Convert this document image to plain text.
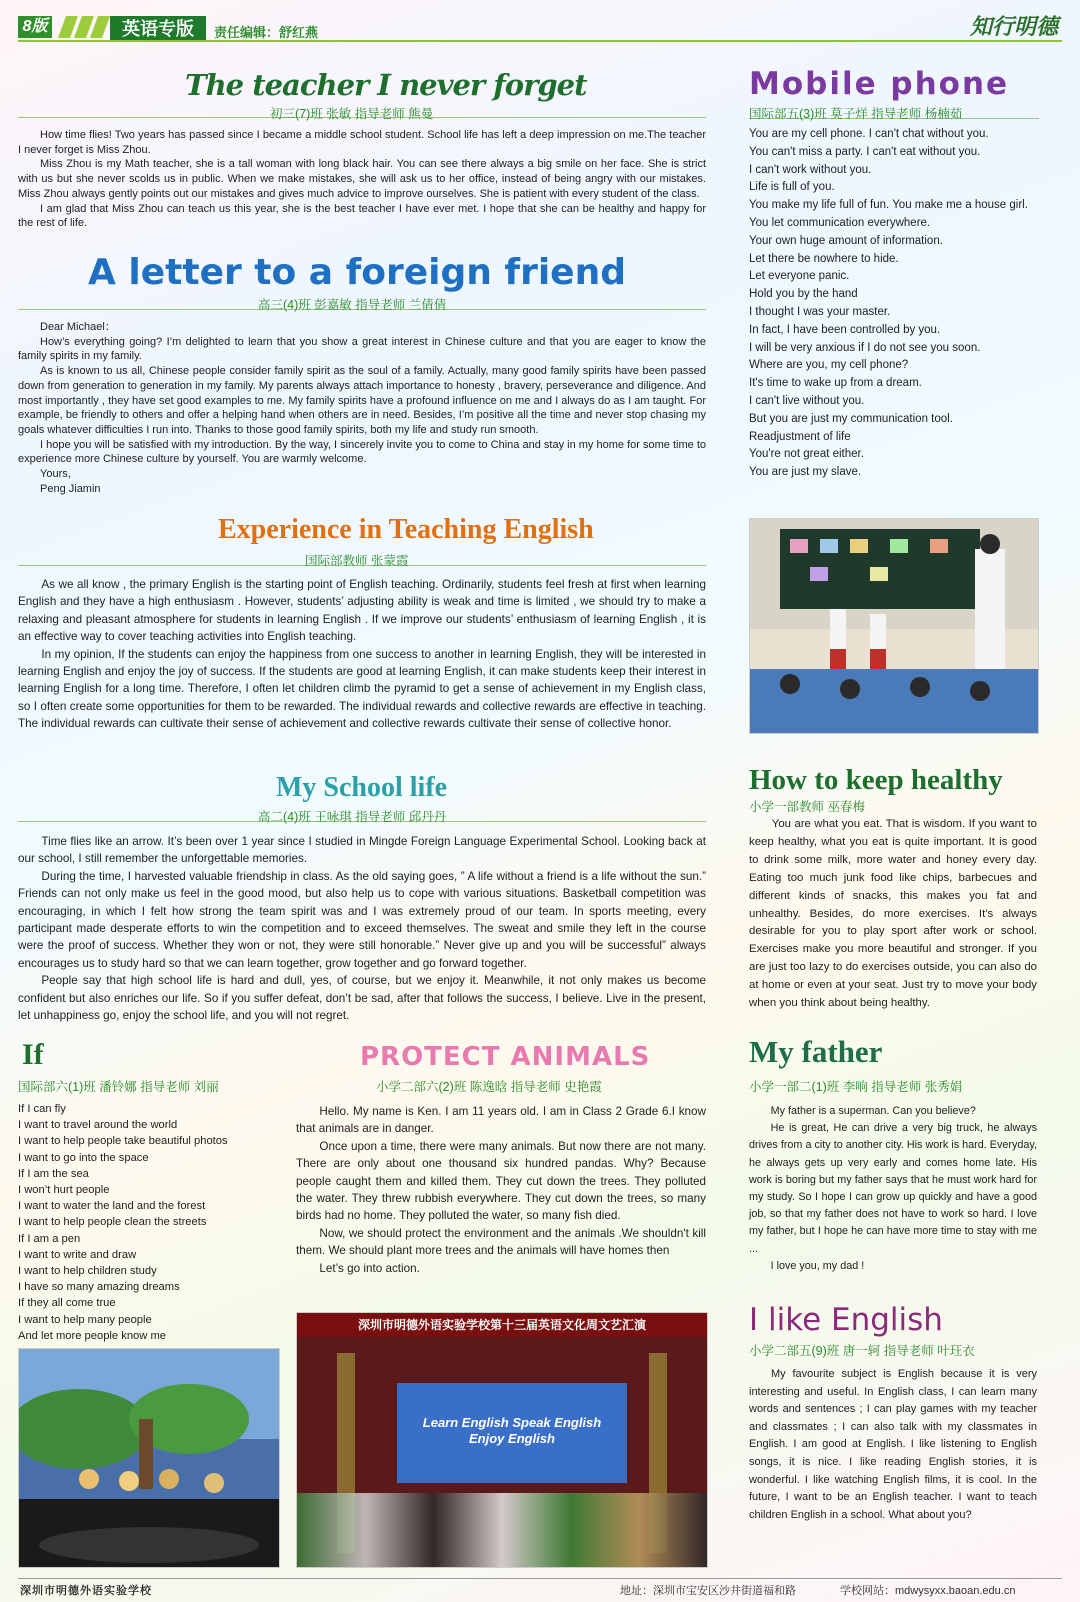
8版	英语专版	责任编辑：舒红燕	知行明德
The teacher I never forget
初三(7)班 张敏 指导老师 熊曼

How time flies! Two years has passed since I became a middle school student. School life has left a deep impression on me.The teacher I never forget is Miss Zhou.

Miss Zhou is my Math teacher, she is a tall woman with long black hair. You can see there always a big smile on her face. She is strict with us but she never scolds us in public. When we make mistakes, she will ask us to her office, instead of being angry with our mistakes. Miss Zhou always gently points out our mistakes and gives much advice to improve ourselves. She is patient with every student of the class.

I am glad that Miss Zhou can teach us this year, she is the best teacher I have ever met. I hope that she can be healthy and happy for the rest of life.

A letter to a foreign friend
高三(4)班 彭嘉敏 指导老师 兰倩倩

Dear Michael：

How’s everything going? I’m delighted to learn that you show a great interest in Chinese culture and that you are eager to know the family spirits in my family.

As is known to us all, Chinese people consider family spirit as the soul of a family. Actually, many good family spirits have been passed down from generation to generation in my family. My parents always attach importance to honesty , bravery, perseverance and diligence. And most importantly , they have set good examples to me. My family spirits have a profound influence on me and I always do as I am taught. For example, be friendly to others and offer a helping hand when others are in need. Besides, I’m positive all the time and never stop chasing my goals whatever difficulties I run into. Thanks to those good family spirits, both my life and study run smooth.

I hope you will be satisfied with my introduction. By the way, I sincerely invite you to come to China and stay in my home for some time to experience more Chinese culture by yourself. You are warmly welcome.

Yours,

Peng Jiamin

Experience in Teaching English
国际部教师 张蒙霞

As we all know , the primary English is the starting point of English teaching. Ordinarily, students feel fresh at first when learning English and they have a high enthusiasm . However, students’ adjusting ability is weak and time is limited , we should try to make a relaxing and pleasant atmosphere for students in learning English . If we improve our students’ enthusiasm of learning English , it is an effective way to cover teaching activities into English teaching.

In my opinion, If the students can enjoy the happiness from one success to another in learning English, they will be interested in learning English and enjoy the joy of success. If the students are good at learning English, it can make students keep their interest in learning English for a long time. Therefore, I often let children climb the pyramid to get a sense of achievement in my English class, so I often create some opportunities for them to be rewarded. The individual rewards and collective rewards are effective in teaching. The individual rewards can cultivate their sense of achievement and collective rewards cultivate their sense of collective honor.

My School life
高二(4)班 王咏琪 指导老师 邱丹丹

Time flies like an arrow. It’s been over 1 year since I studied in Mingde Foreign Language Experimental School. Looking back at our school, I still remember the unforgettable memories.

During the time, I harvested valuable friendship in class. As the old saying goes, ” A life without a friend is a life without the sun.” Friends can not only make us feel in the good mood, but also help us to cope with various situations. Basketball competition was encouraging, in which I felt how strong the team spirit was and I was extremely proud of our team. In sports meeting, every participant made desperate efforts to win the competition and to exceed themselves. The sweat and smile they left in the course were the proof of success. Whether they won or not, they were still honorable.” Never give up and you will be successful” always encourages us to study hard so that we can learn together, grow together and go forward together.

People say that high school life is hard and dull, yes, of course, but we enjoy it. Meanwhile, it not only makes us become confident but also enriches our life. So if you suffer defeat, don’t be sad, after that follows the success, I believe. Live in the present, let unhappiness go, enjoy the school life, and you will not regret.

If
国际部六(1)班 潘铃娜 指导老师 刘丽
If I can fly
I want to travel around the world
I want to help people take beautiful photos
I want to go into the space
If I am the sea
I won’t hurt people
I want to water the land and the forest
I want to help people clean the streets
If I am a pen
I want to write and draw
I want to help children study
I have so many amazing dreams
If they all come true
I want to help many people
And let more people know me
PROTECT ANIMALS
小学二部六(2)班 陈逸晗 指导老师 史艳霞

Hello. My name is Ken. I am 11 years old. I am in Class 2 Grade 6.I know that animals are in danger.

Once upon a time, there were many animals. But now there are not many. There are only about one thousand six hundred pandas. Why? Because people caught them and killed them. They cut down the trees. They polluted the water. They threw rubbish everywhere. They cut down the trees, so many birds had no home. They polluted the water, so many fish died.

Now, we should protect the environment and the animals .We shouldn't kill them. We should plant more trees and the animals will have homes then

Let’s go into action.

深圳市明德外语实验学校第十三届英语文化周文艺汇演
Learn English Speak English
Enjoy English
Mobile phone
国际部五(3)班 莫子烊 指导老师 杨楠茹
You are my cell phone. I can't chat without you.
You can't miss a party. I can't eat without you.
I can't work without you.
Life is full of you.
You make my life full of fun. You make me a house girl.
You let communication everywhere.
Your own huge amount of information.
Let there be nowhere to hide.
Let everyone panic.
Hold you by the hand
I thought I was your master.
In fact, I have been controlled by you.
I will be very anxious if I do not see you soon.
Where are you, my cell phone?
It's time to wake up from a dream.
I can't live without you.
But you are just my communication tool.
Readjustment of life
You're not great either.
You are just my slave.
How to keep healthy
小学一部教师 巫春梅

You are what you eat. That is wisdom. If you want to keep healthy, what you eat is quite important. It is good to drink some milk, more water and honey every day. Eating too much junk food like chips, barbecues and different kinds of snacks, this makes you fat and unhealthy. Besides, do more exercises. It’s always desirable for you to play sport after work or school. Exercises make you more beautiful and stronger. If you are just too lazy to do exercises outside, you can also do at home or even at your seat. Just try to move your body when you think about being healthy.

My father
小学一部二(1)班 李响 指导老师 张秀娟

My father is a superman. Can you believe?

He is great, He can drive a very big truck, he always drives from a city to another city. His work is hard. Everyday, he always gets up very early and comes home late. His work is boring but my father says that he must work hard for my study. So I hope I can grow up quickly and have a good job, so that my father does not have to work so hard. I love my father, but I hope he can have more time to stay with me ...

I love you, my dad !

I like English
小学二部五(9)班 唐一轲 指导老师 叶玨衣

My favourite subject is English because it is very interesting and useful. In English class, I can learn many words and sentences ; I can play games with my teacher and classmates ; I can also talk with my classmates in English. I am good at English. I like listening to English songs, it is nice. I like reading English stories, it is wonderful. I like watching English films, it is cool. In the future, I want to be an English teacher. I want to teach children English in a school. What about you?

深圳市明德外语实验学校	地址：深圳市宝安区沙井街道福和路	学校网站：mdwysyxx.baoan.edu.cn
